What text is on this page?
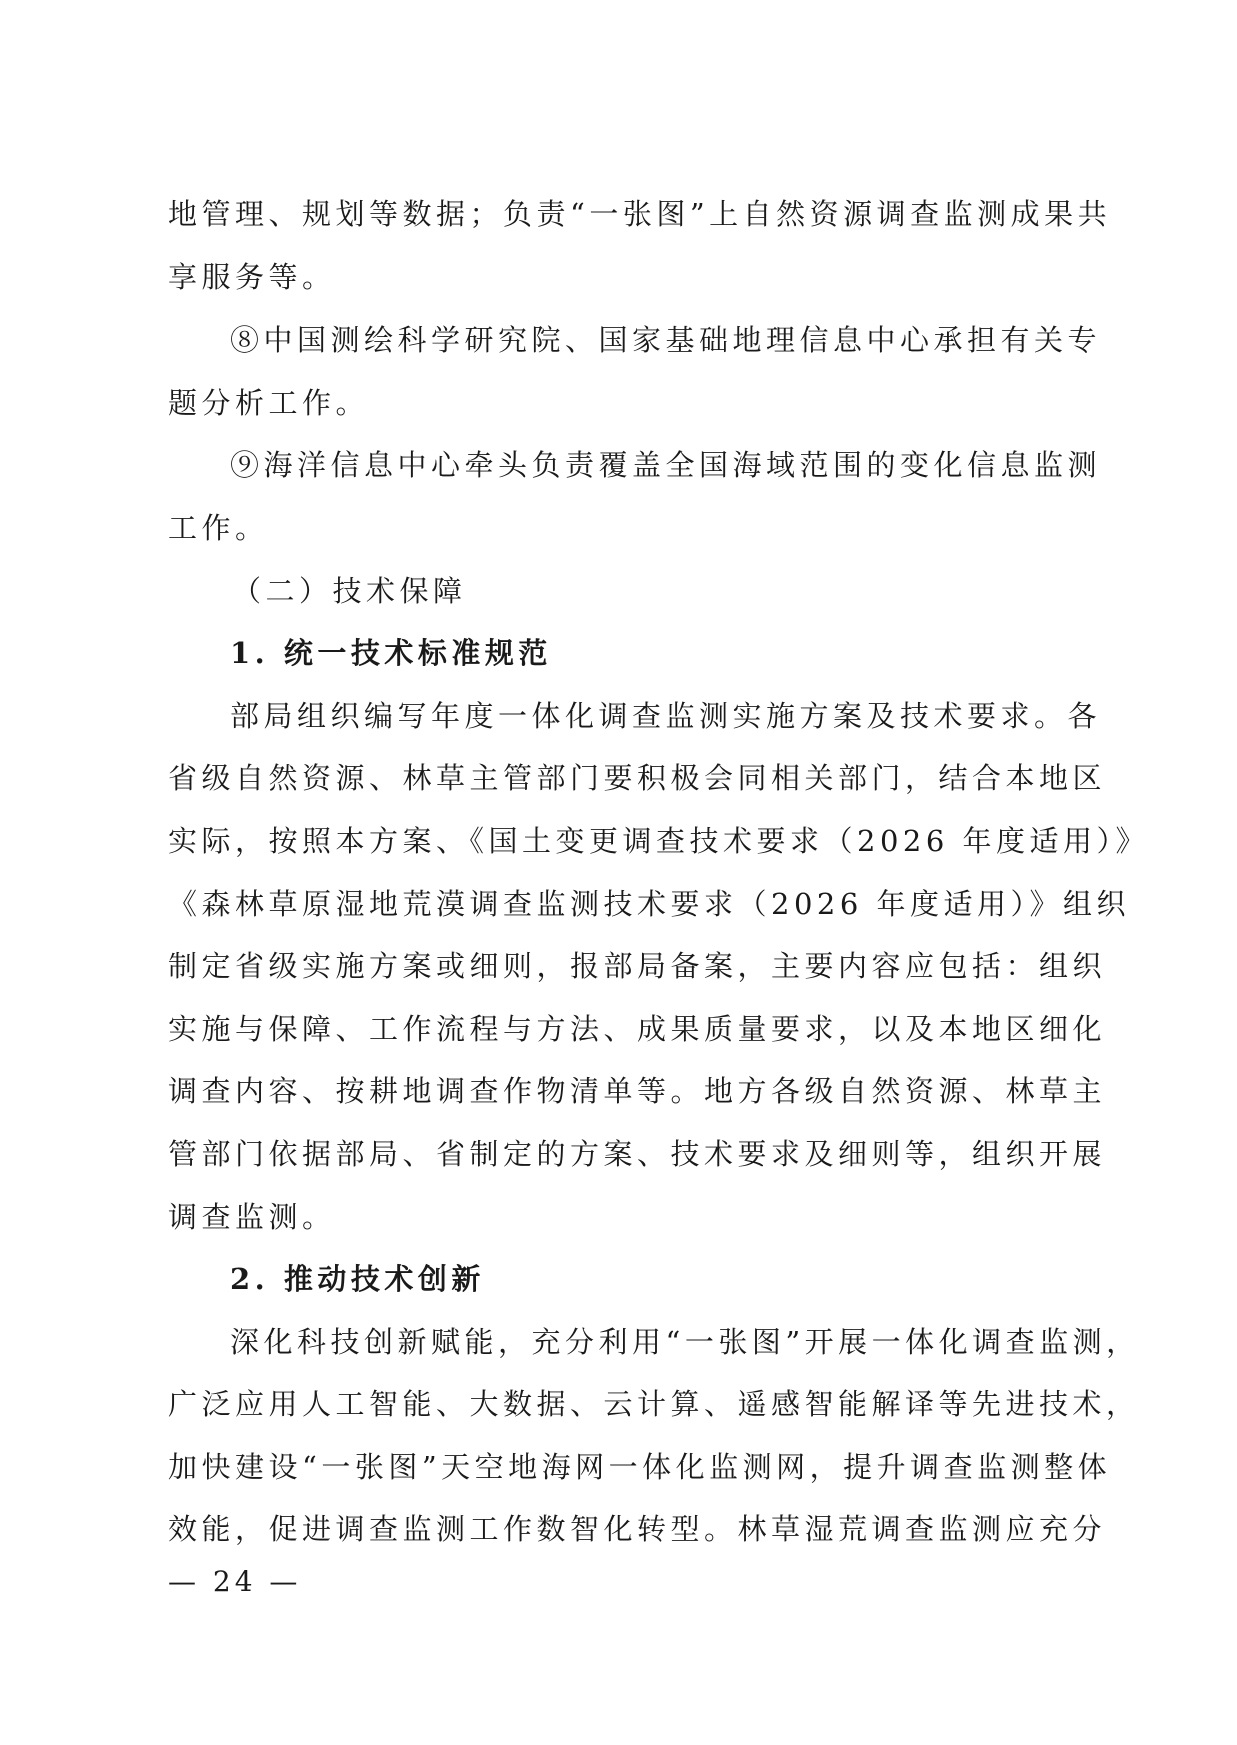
地管理、规划等数据；负责“一张图”上自然资源调查监测成果共
享服务等。
⑧中国测绘科学研究院、国家基础地理信息中心承担有关专
题分析工作。
⑨海洋信息中心牵头负责覆盖全国海域范围的变化信息监测
工作。
（二）技术保障
1. 统一技术标准规范
部局组织编写年度一体化调查监测实施方案及技术要求。各
省级自然资源、林草主管部门要积极会同相关部门，结合本地区
实际，按照本方案、《国土变更调查技术要求（2026 年度适用）》
《森林草原湿地荒漠调查监测技术要求（2026 年度适用）》组织
制定省级实施方案或细则，报部局备案，主要内容应包括：组织
实施与保障、工作流程与方法、成果质量要求，以及本地区细化
调查内容、按耕地调查作物清单等。地方各级自然资源、林草主
管部门依据部局、省制定的方案、技术要求及细则等，组织开展
调查监测。
2. 推动技术创新
深化科技创新赋能，充分利用“一张图”开展一体化调查监测，
广泛应用人工智能、大数据、云计算、遥感智能解译等先进技术，
加快建设“一张图”天空地海网一体化监测网，提升调查监测整体
效能，促进调查监测工作数智化转型。林草湿荒调查监测应充分
— 24 —
